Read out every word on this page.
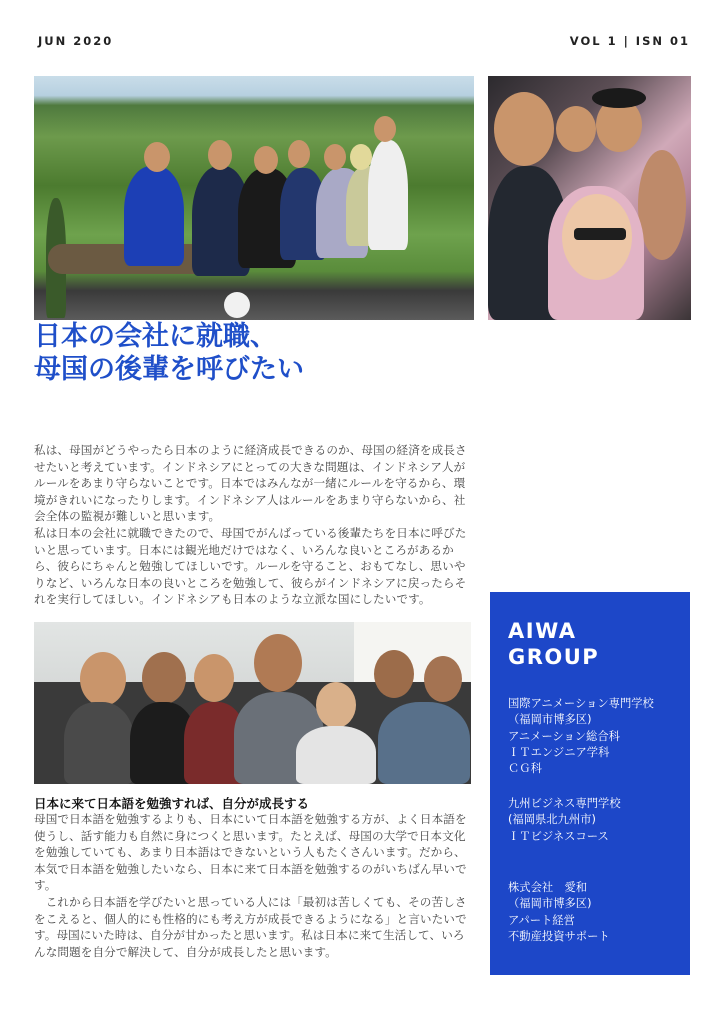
JUN 2020	VOL 1 | ISN 01
日本の会社に就職、
母国の後輩を呼びたい

私は、母国がどうやったら日本のように経済成長できるのか、母国の経済を成長させたいと考えています。インドネシアにとっての大きな問題は、インドネシア人がルールをあまり守らないことです。日本ではみんなが一緒にルールを守るから、環境がきれいになったりします。インドネシア人はルールをあまり守らないから、社会全体の監視が難しいと思います。

私は日本の会社に就職できたので、母国でがんばっている後輩たちを日本に呼びたいと思っています。日本には観光地だけではなく、いろんな良いところがあるから、彼らにちゃんと勉強してほしいです。ルールを守ること、おもてなし、思いやりなど、いろんな日本の良いところを勉強して、彼らがインドネシアに戻ったらそれを実行してほしい。インドネシアも日本のような立派な国にしたいです。

日本に来て日本語を勉強すれば、自分が成長する

母国で日本語を勉強するよりも、日本にいて日本語を勉強する方が、よく日本語を使うし、話す能力も自然に身につくと思います。たとえば、母国の大学で日本文化を勉強していても、あまり日本語はできないという人もたくさんいます。だから、本気で日本語を勉強したいなら、日本に来て日本語を勉強するのがいちばん早いです。

これから日本語を学びたいと思っている人には「最初は苦しくても、その苦しさをこえると、個人的にも性格的にも考え方が成長できるようになる」と言いたいです。母国にいた時は、自分が甘かったと思います。私は日本に来て生活して、いろんな問題を自分で解決して、自分が成長したと思います。

AIWA
GROUP
国際アニメーション専門学校
（福岡市博多区)
アニメーション総合科
ＩＴエンジニア学科
ＣＧ科
九州ビジネス専門学校
(福岡県北九州市)
ＩＴビジネスコース
株式会社　愛和
（福岡市博多区)
アパート経営
不動産投資サポート
